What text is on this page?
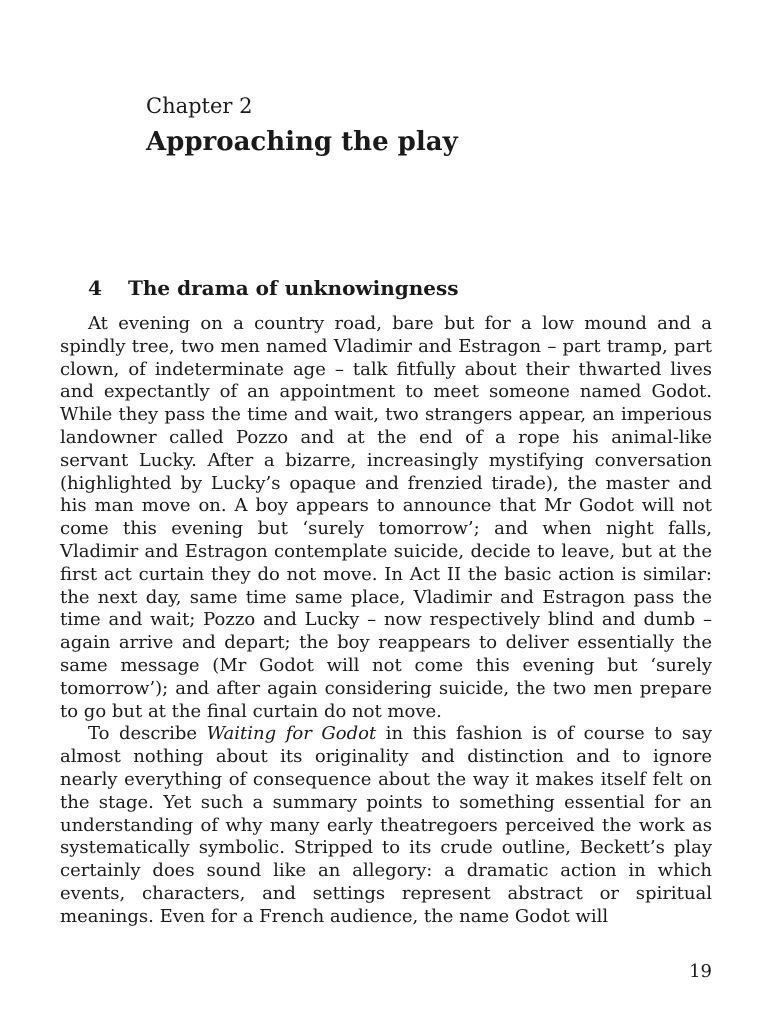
Chapter 2
Approaching the play
4 The drama of unknowingness

At evening on a country road, bare but for a low mound and a spindly tree, two men named Vladimir and Estragon – part tramp, part clown, of indeterminate age – talk fitfully about their thwarted lives and expectantly of an appointment to meet someone named Godot. While they pass the time and wait, two strangers appear, an imperious landowner called Pozzo and at the end of a rope his animal-like servant Lucky. After a bizarre, increasingly mystifying conversation (highlighted by Lucky’s opaque and frenzied tirade), the master and his man move on. A boy appears to announce that Mr Godot will not come this evening but ‘surely tomorrow’; and when night falls, Vladimir and Estragon contemplate suicide, decide to leave, but at the first act curtain they do not move. In Act II the basic action is similar: the next day, same time same place, Vladimir and Estragon pass the time and wait; Pozzo and Lucky – now respectively blind and dumb – again arrive and depart; the boy reappears to deliver essentially the same message (Mr Godot will not come this evening but ‘surely tomorrow’); and after again considering suicide, the two men prepare to go but at the final curtain do not move.

To describe Waiting for Godot in this fashion is of course to say almost nothing about its originality and distinction and to ignore nearly everything of consequence about the way it makes itself felt on the stage. Yet such a summary points to something essential for an understanding of why many early theatregoers perceived the work as systematically symbolic. Stripped to its crude outline, Beckett’s play certainly does sound like an allegory: a dramatic action in which events, characters, and settings represent abstract or spiritual meanings. Even for a French audience, the name Godot will

19
